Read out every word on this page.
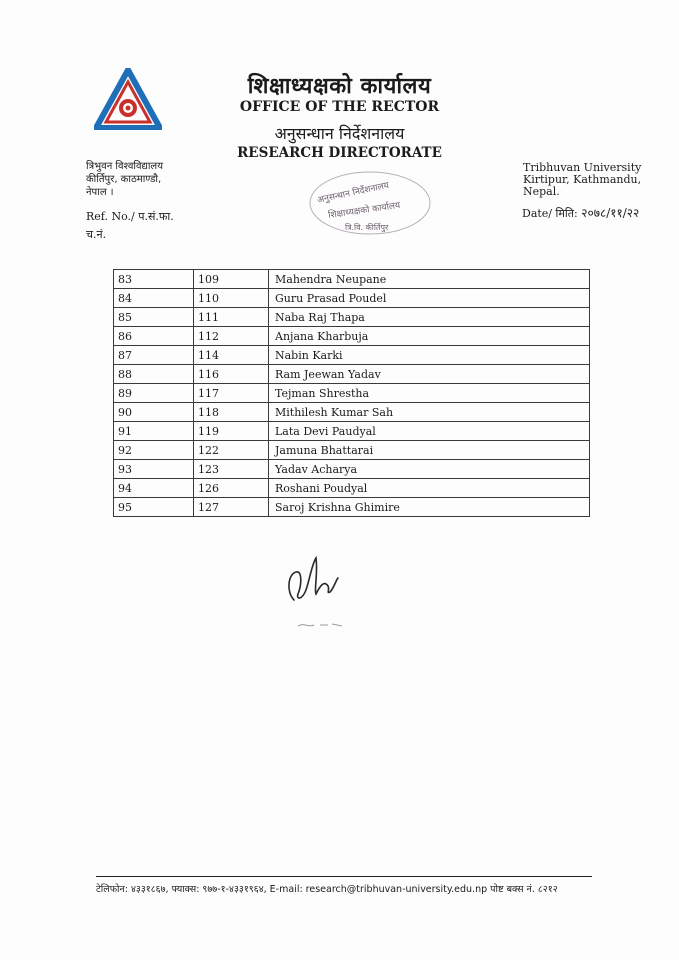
शिक्षाध्यक्षको कार्यालय
OFFICE OF THE RECTOR
अनुसन्धान निर्देशनालय
RESEARCH DIRECTORATE
त्रिभुवन विश्वविद्यालय
कीर्तिपुर, काठमाण्डौ,
नेपाल ।
Tribhuvan University
Kirtipur, Kathmandu,
Nepal.
Ref. No./ प.सं.फा.
च.नं.
Date/ मिति: २०७८/११/२२
अनुसन्धान निर्देशनालय
शिक्षाध्यक्षको कार्यालय
त्रि.वि. कीर्तिपुर
83	109	Mahendra Neupane
84	110	Guru Prasad Poudel
85	111	Naba Raj Thapa
86	112	Anjana Kharbuja
87	114	Nabin Karki
88	116	Ram Jeewan Yadav
89	117	Tejman Shrestha
90	118	Mithilesh Kumar Sah
91	119	Lata Devi Paudyal
92	122	Jamuna Bhattarai
93	123	Yadav Acharya
94	126	Roshani Poudyal
95	127	Saroj Krishna Ghimire
टेलिफोन: ४३३१८६७, फ्याक्स: ९७७-१-४३३१९६४, E-mail: research@tribhuvan-university.edu.np पोष्ट बक्स नं. ८२१२
